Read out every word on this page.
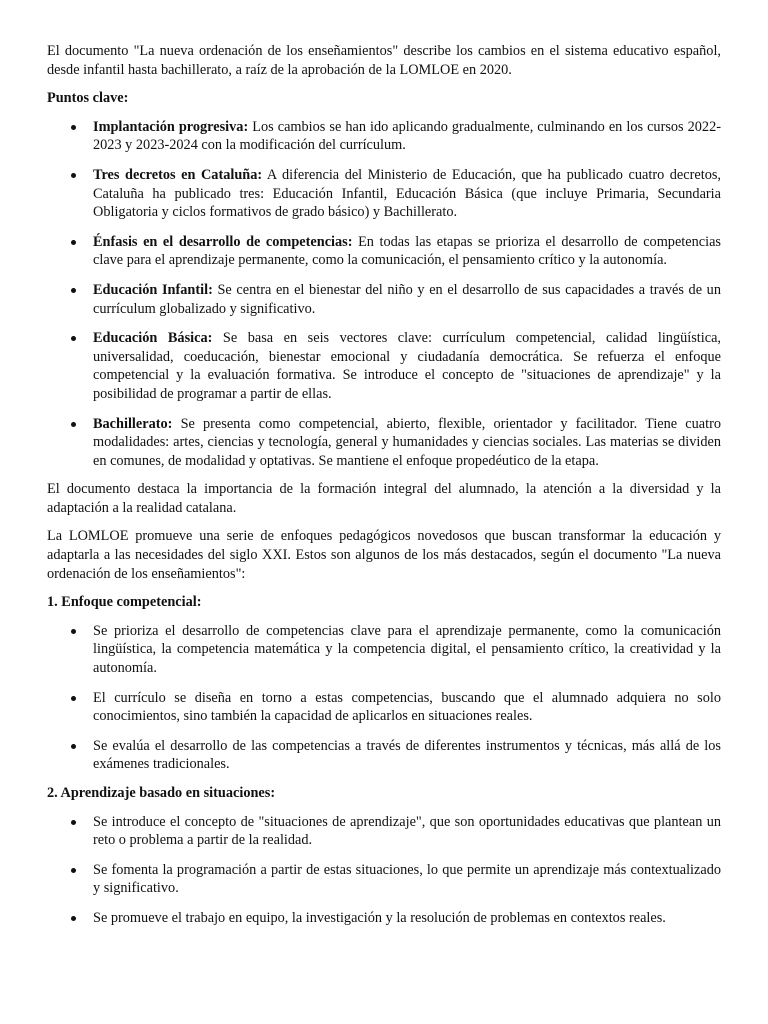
El documento "La nueva ordenación de los enseñamientos" describe los cambios en el sistema educativo español, desde infantil hasta bachillerato, a raíz de la aprobación de la LOMLOE en 2020.

Puntos clave:
Implantación progresiva: Los cambios se han ido aplicando gradualmente, culminando en los cursos 2022-2023 y 2023-2024 con la modificación del currículum.
Tres decretos en Cataluña: A diferencia del Ministerio de Educación, que ha publicado cuatro decretos, Cataluña ha publicado tres: Educación Infantil, Educación Básica (que incluye Primaria, Secundaria Obligatoria y ciclos formativos de grado básico) y Bachillerato.
Énfasis en el desarrollo de competencias: En todas las etapas se prioriza el desarrollo de competencias clave para el aprendizaje permanente, como la comunicación, el pensamiento crítico y la autonomía.
Educación Infantil: Se centra en el bienestar del niño y en el desarrollo de sus capacidades a través de un currículum globalizado y significativo.
Educación Básica: Se basa en seis vectores clave: currículum competencial, calidad lingüística, universalidad, coeducación, bienestar emocional y ciudadanía democrática. Se refuerza el enfoque competencial y la evaluación formativa. Se introduce el concepto de "situaciones de aprendizaje" y la posibilidad de programar a partir de ellas.
Bachillerato: Se presenta como competencial, abierto, flexible, orientador y facilitador. Tiene cuatro modalidades: artes, ciencias y tecnología, general y humanidades y ciencias sociales. Las materias se dividen en comunes, de modalidad y optativas. Se mantiene el enfoque propedéutico de la etapa.

El documento destaca la importancia de la formación integral del alumnado, la atención a la diversidad y la adaptación a la realidad catalana.

La LOMLOE promueve una serie de enfoques pedagógicos novedosos que buscan transformar la educación y adaptarla a las necesidades del siglo XXI. Estos son algunos de los más destacados, según el documento "La nueva ordenación de los enseñamientos":

1. Enfoque competencial:
Se prioriza el desarrollo de competencias clave para el aprendizaje permanente, como la comunicación lingüística, la competencia matemática y la competencia digital, el pensamiento crítico, la creatividad y la autonomía.
El currículo se diseña en torno a estas competencias, buscando que el alumnado adquiera no solo conocimientos, sino también la capacidad de aplicarlos en situaciones reales.
Se evalúa el desarrollo de las competencias a través de diferentes instrumentos y técnicas, más allá de los exámenes tradicionales.
2. Aprendizaje basado en situaciones:
Se introduce el concepto de "situaciones de aprendizaje", que son oportunidades educativas que plantean un reto o problema a partir de la realidad.
Se fomenta la programación a partir de estas situaciones, lo que permite un aprendizaje más contextualizado y significativo.
Se promueve el trabajo en equipo, la investigación y la resolución de problemas en contextos reales.
